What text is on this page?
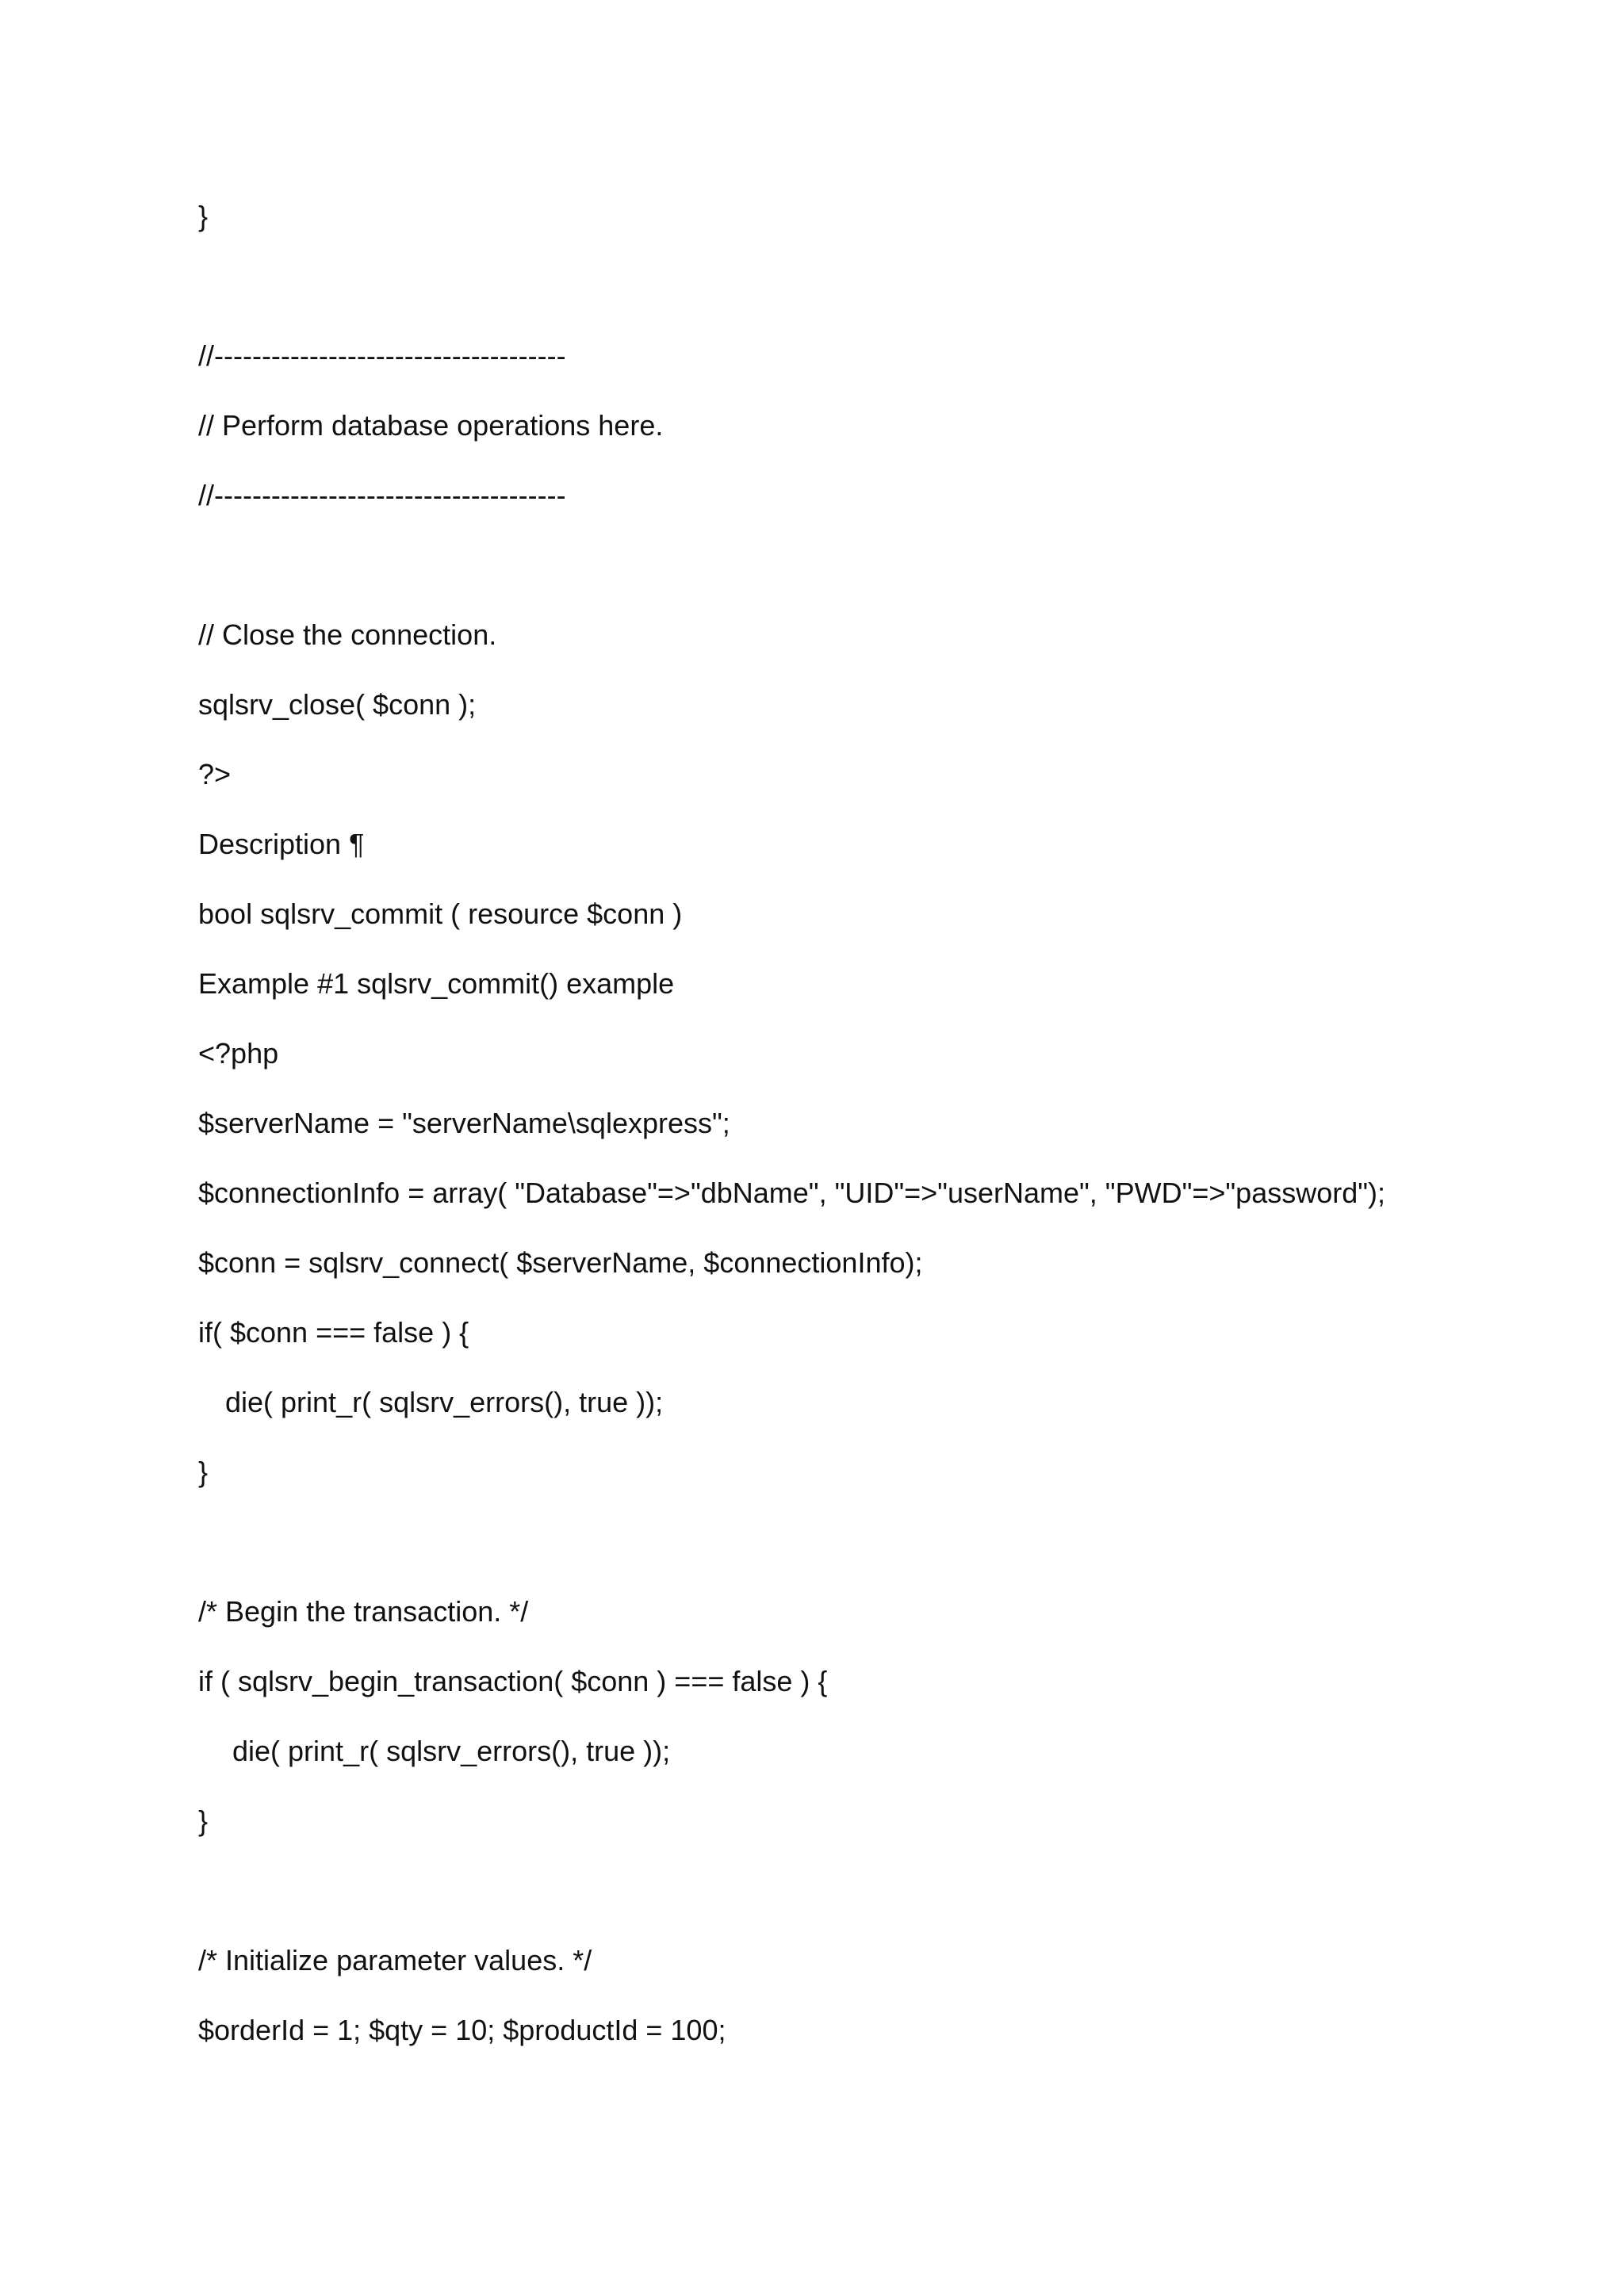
}
//-------------------------------------
// Perform database operations here.
//-------------------------------------
// Close the connection.
sqlsrv_close( $conn );
?>
Description ¶
bool sqlsrv_commit ( resource $conn )
Example #1 sqlsrv_commit() example
<?php
$serverName = "serverName\sqlexpress";
$connectionInfo = array( "Database"=>"dbName", "UID"=>"userName", "PWD"=>"password");
$conn = sqlsrv_connect( $serverName, $connectionInfo);
if( $conn === false ) {
die( print_r( sqlsrv_errors(), true ));
}
/* Begin the transaction. */
if ( sqlsrv_begin_transaction( $conn ) === false ) {
die( print_r( sqlsrv_errors(), true ));
}
/* Initialize parameter values. */
$orderId = 1; $qty = 10; $productId = 100;
